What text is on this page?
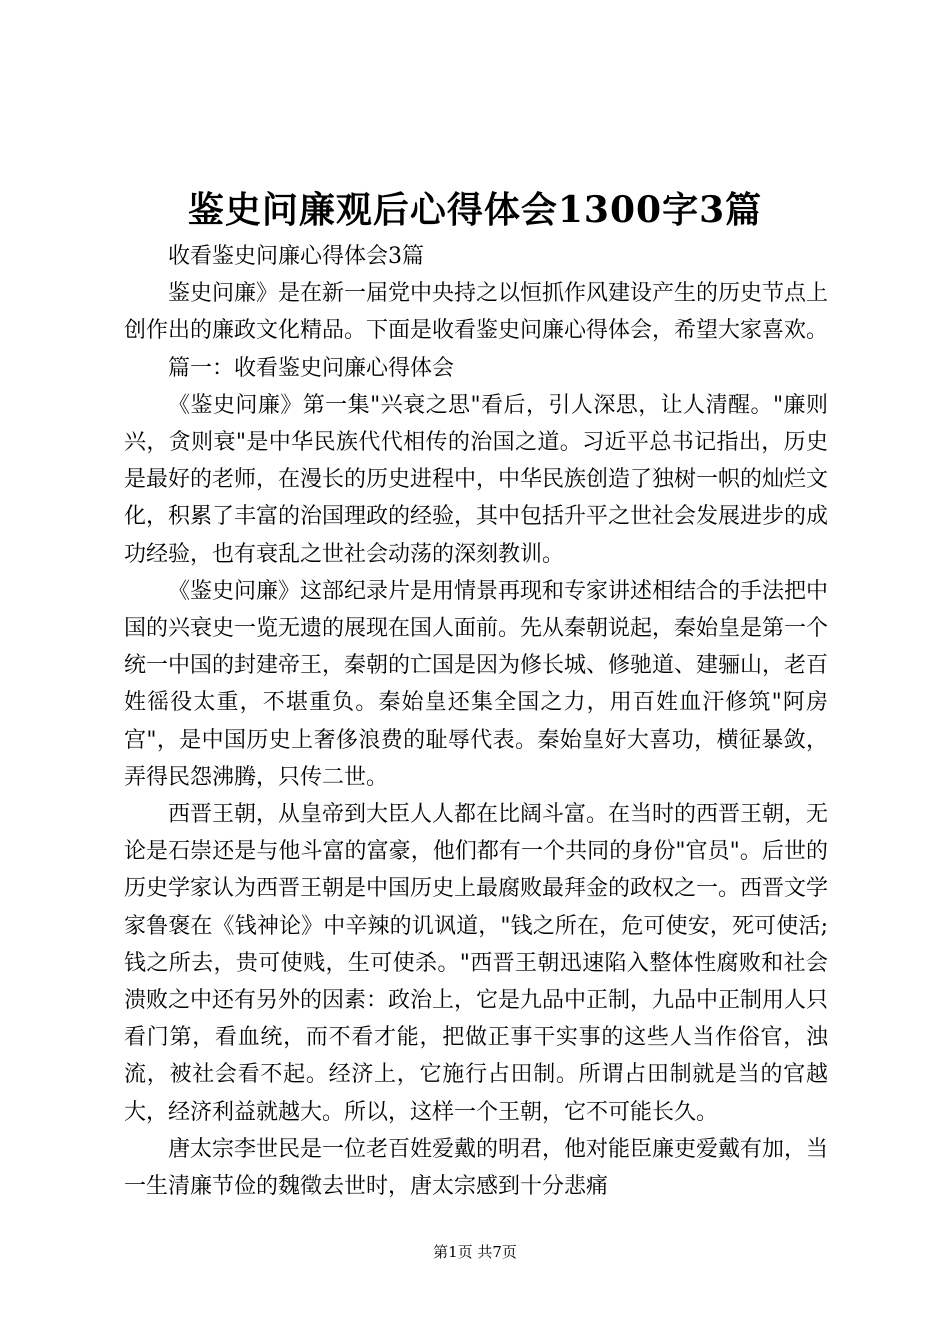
鉴史问廉观后心得体会1300字3篇

收看鉴史问廉心得体会3篇

鉴史问廉》是在新一届党中央持之以恒抓作风建设产生的历史节点上创作出的廉政文化精品。下面是收看鉴史问廉心得体会，希望大家喜欢。

篇一：收看鉴史问廉心得体会

《鉴史问廉》第一集"兴衰之思"看后，引人深思，让人清醒。"廉则兴，贪则衰"是中华民族代代相传的治国之道。习近平总书记指出，历史是最好的老师，在漫长的历史进程中，中华民族创造了独树一帜的灿烂文化，积累了丰富的治国理政的经验，其中包括升平之世社会发展进步的成功经验，也有衰乱之世社会动荡的深刻教训。

《鉴史问廉》这部纪录片是用情景再现和专家讲述相结合的手法把中国的兴衰史一览无遗的展现在国人面前。先从秦朝说起，秦始皇是第一个统一中国的封建帝王，秦朝的亡国是因为修长城、修驰道、建骊山，老百姓徭役太重，不堪重负。秦始皇还集全国之力，用百姓血汗修筑"阿房宫"，是中国历史上奢侈浪费的耻辱代表。秦始皇好大喜功，横征暴敛，弄得民怨沸腾，只传二世。

西晋王朝，从皇帝到大臣人人都在比阔斗富。在当时的西晋王朝，无论是石崇还是与他斗富的富豪，他们都有一个共同的身份"官员"。后世的历史学家认为西晋王朝是中国历史上最腐败最拜金的政权之一。西晋文学家鲁褒在《钱神论》中辛辣的讥讽道，"钱之所在，危可使安，死可使活;钱之所去，贵可使贱，生可使杀。"西晋王朝迅速陷入整体性腐败和社会溃败之中还有另外的因素：政治上，它是九品中正制，九品中正制用人只看门第，看血统，而不看才能，把做正事干实事的这些人当作俗官，浊流，被社会看不起。经济上，它施行占田制。所谓占田制就是当的官越大，经济利益就越大。所以，这样一个王朝，它不可能长久。

唐太宗李世民是一位老百姓爱戴的明君，他对能臣廉吏爱戴有加，当一生清廉节俭的魏徵去世时，唐太宗感到十分悲痛

第1页 共7页
